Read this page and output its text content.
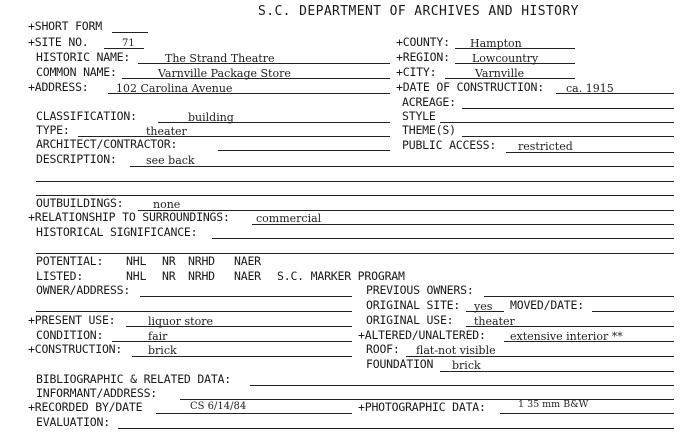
S.C. DEPARTMENT OF ARCHIVES AND HISTORY
+SHORT FORM
+SITE NO.	71	+COUNTY: Hampton
HISTORIC NAME:	The Strand Theatre	+REGION: Lowcountry
COMMON NAME:	Varnville Package Store	+CITY:	Varnville
+ADDRESS: 102 Carolina Avenue	+DATE OF CONSTRUCTION: ca. 1915
ACREAGE:
CLASSIFICATION:	building	STYLE
TYPE:	theater	THEME(S)
ARCHITECT/CONTRACTOR:	PUBLIC ACCESS: restricted
DESCRIPTION:	see back
OUTBUILDINGS:	none
+RELATIONSHIP TO SURROUNDINGS: commercial
HISTORICAL SIGNIFICANCE:
POTENTIAL: NHL NR NRHD NAER
LISTED:	NHL NR NRHD NAER S.C. MARKER PROGRAM
OWNER/ADDRESS:	PREVIOUS OWNERS:
ORIGINAL SITE: yes MOVED/DATE:
+PRESENT USE:	liquor store	ORIGINAL USE: theater
CONDITION:	fair	+ALTERED/UNALTERED: extensive interior **
+CONSTRUCTION: brick	ROOF: flat-not visible
FOUNDATION brick
BIBLIOGRAPHIC & RELATED DATA:
INFORMANT/ADDRESS:
+RECORDED BY/DATE	CS 6/14/84	+PHOTOGRAPHIC DATA:	1 35 mm B&W
EVALUATION:
